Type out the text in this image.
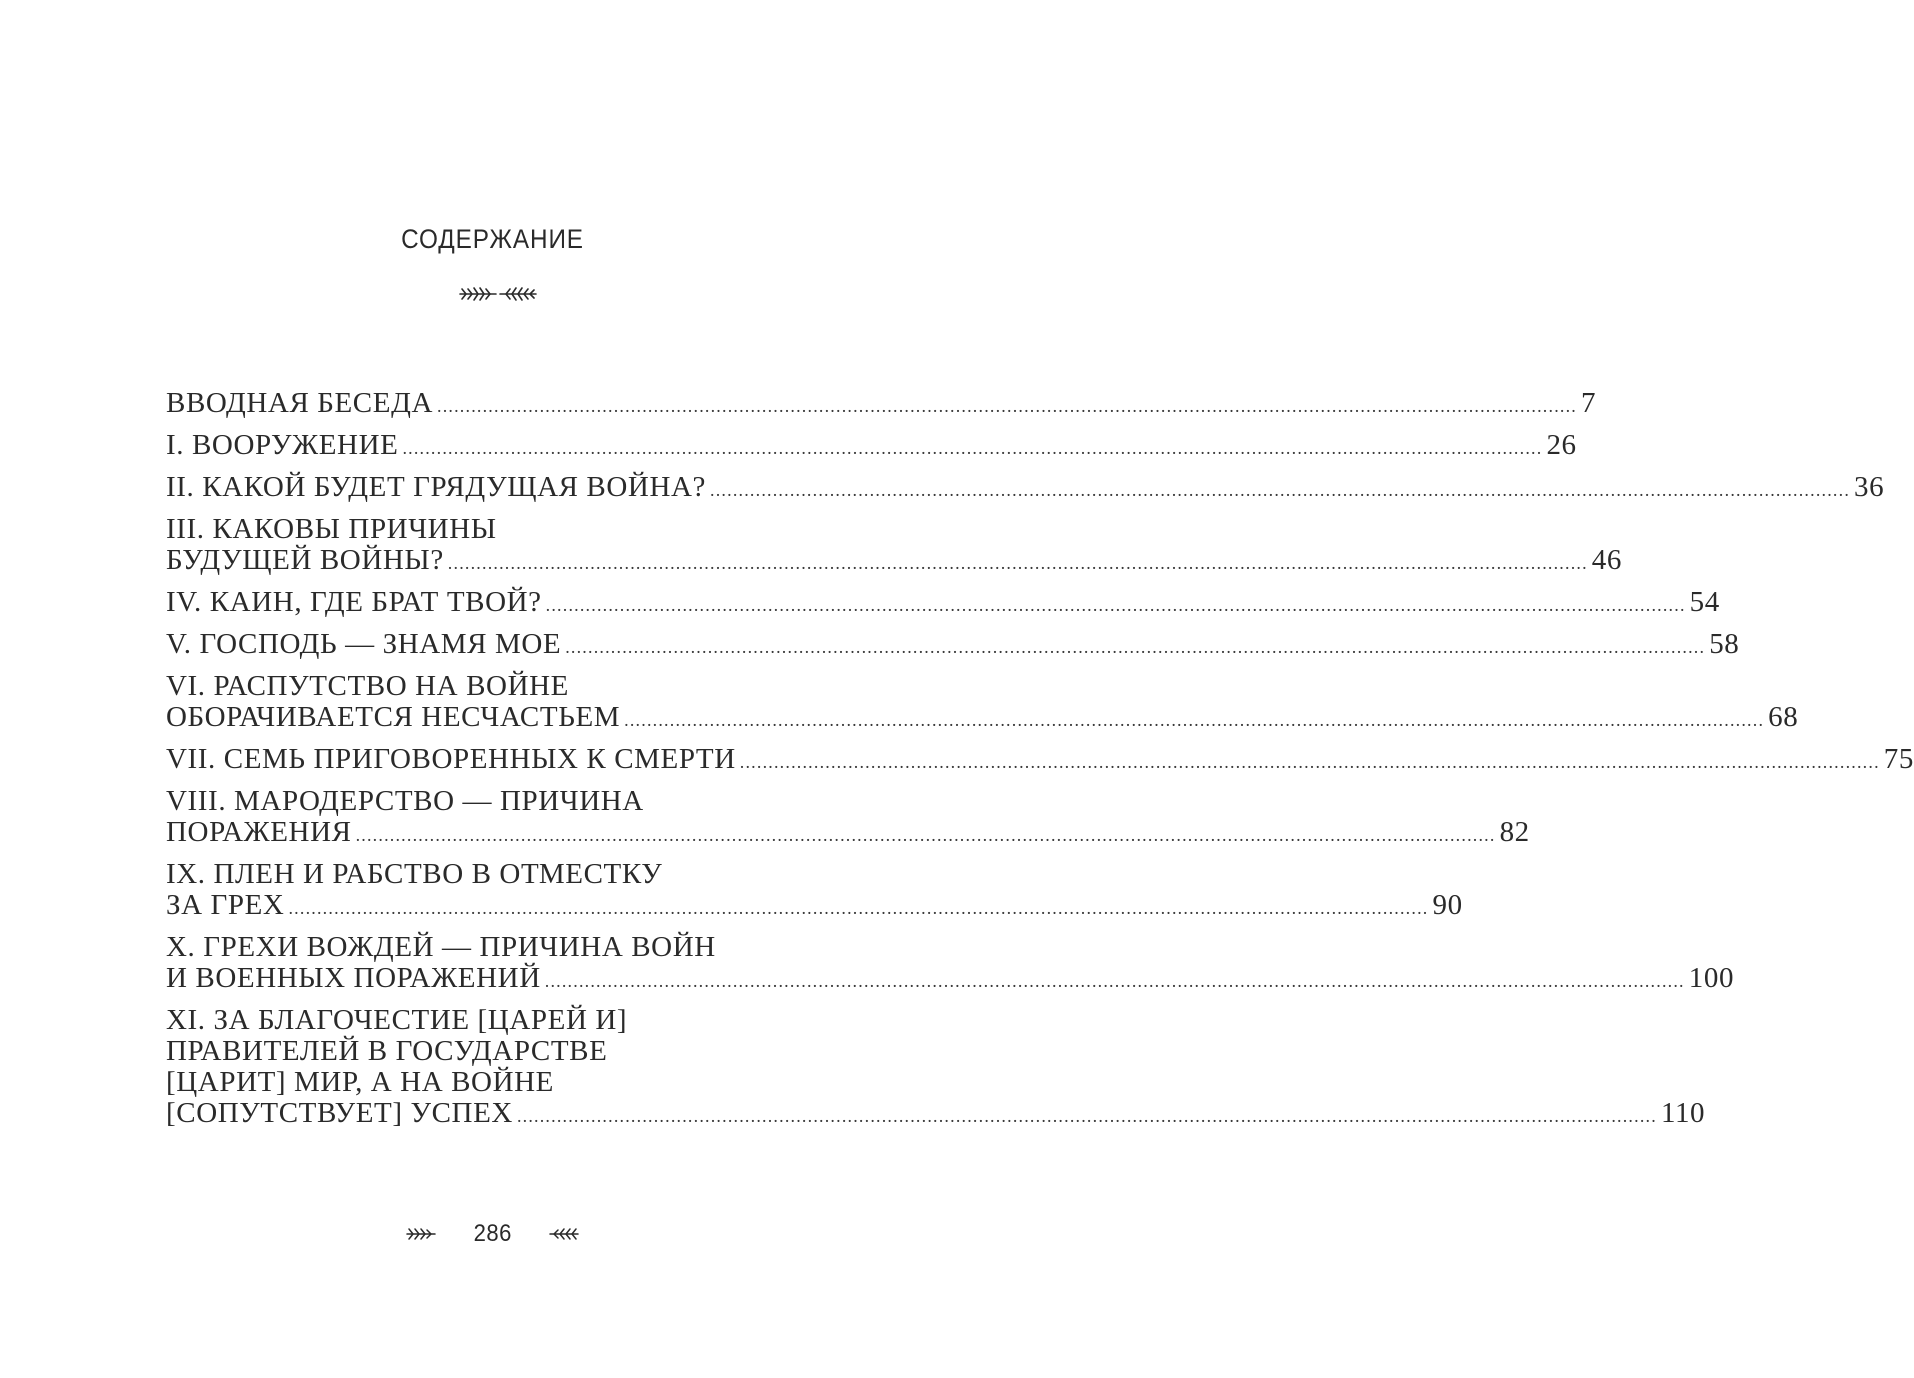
СОДЕРЖАНИЕ
ВВОДНАЯ БЕСЕДА ........................................................................................................................................................................................................ 7
I. ВООРУЖЕНИЕ ........................................................................................................................................................................................................ 26
II. КАКОЙ БУДЕТ ГРЯДУЩАЯ ВОЙНА? ........................................................................................................................................................................................................ 36
III. КАКОВЫ ПРИЧИНЫ
БУДУЩЕЙ ВОЙНЫ? ........................................................................................................................................................................................................ 46
IV. КАИН, ГДЕ БРАТ ТВОЙ? ........................................................................................................................................................................................................ 54
V. ГОСПОДЬ — ЗНАМЯ МОЕ ........................................................................................................................................................................................................ 58
VI. РАСПУТСТВО НА ВОЙНЕ
ОБОРАЧИВАЕТСЯ НЕСЧАСТЬЕМ ........................................................................................................................................................................................................ 68
VII. СЕМЬ ПРИГОВОРЕННЫХ К СМЕРТИ ........................................................................................................................................................................................................ 75
VIII. МАРОДЕРСТВО — ПРИЧИНА
ПОРАЖЕНИЯ ........................................................................................................................................................................................................ 82
IX. ПЛЕН И РАБСТВО В ОТМЕСТКУ
ЗА ГРЕХ ........................................................................................................................................................................................................ 90
X. ГРЕХИ ВОЖДЕЙ — ПРИЧИНА ВОЙН
И ВОЕННЫХ ПОРАЖЕНИЙ ........................................................................................................................................................................................................ 100
XI. ЗА БЛАГОЧЕСТИЕ [ЦАРЕЙ И]
ПРАВИТЕЛЕЙ В ГОСУДАРСТВЕ
[ЦАРИТ] МИР, А НА ВОЙНЕ
[СОПУТСТВУЕТ] УСПЕХ ........................................................................................................................................................................................................ 110
286
